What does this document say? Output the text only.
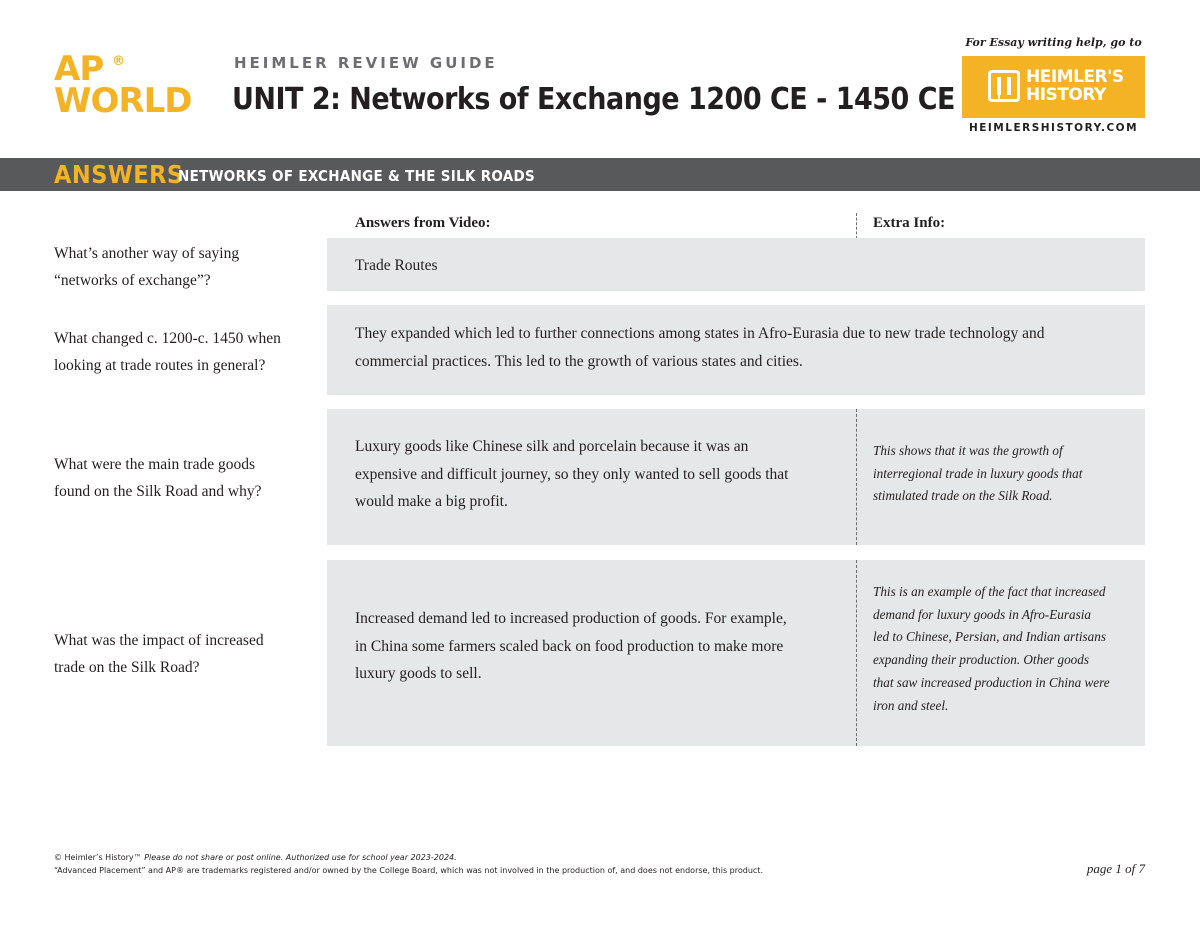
AP ®
WORLD
HEIMLER REVIEW GUIDE
UNIT 2: Networks of Exchange 1200 CE - 1450 CE
For Essay writing help, go to
HEIMLER'S
HISTORY
HEIMLERSHISTORY.COM
ANSWERS
NETWORKS OF EXCHANGE & THE SILK ROADS
Answers from Video:	Extra Info:
What’s another way of saying
“networks of exchange”?
Trade Routes
What changed c. 1200-c. 1450 when
looking at trade routes in general?
They expanded which led to further connections among states in Afro-Eurasia due to new trade technology and
commercial practices. This led to the growth of various states and cities.
What were the main trade goods
found on the Silk Road and why?
Luxury goods like Chinese silk and porcelain because it was an
expensive and difficult journey, so they only wanted to sell goods that
would make a big profit.
This shows that it was the growth of
interregional trade in luxury goods that
stimulated trade on the Silk Road.
What was the impact of increased
trade on the Silk Road?
Increased demand led to increased production of goods. For example,
in China some farmers scaled back on food production to make more
luxury goods to sell.
This is an example of the fact that increased
demand for luxury goods in Afro-Eurasia
led to Chinese, Persian, and Indian artisans
expanding their production. Other goods
that saw increased production in China were
iron and steel.
© Heimler’s History™ Please do not share or post online. Authorized use for school year 2023-2024.
“Advanced Placement” and AP® are trademarks registered and/or owned by the College Board, which was not involved in the production of, and does not endorse, this product.	page 1 of 7
